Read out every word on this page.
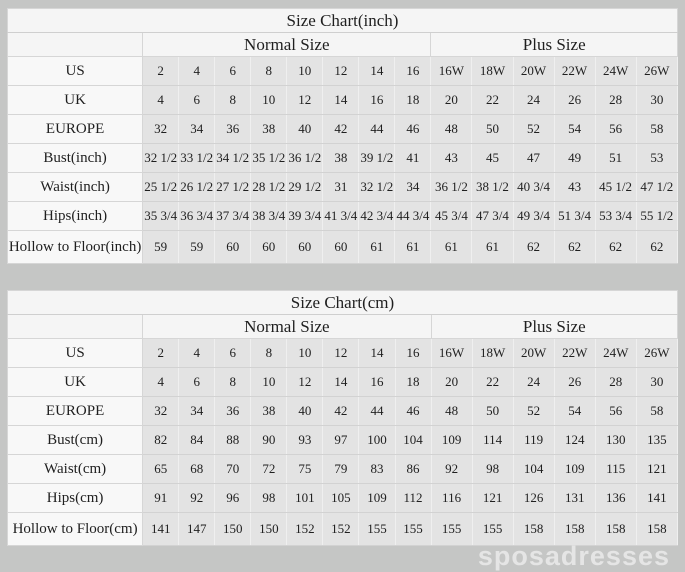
Size Chart(inch)														
	Normal Size								Plus Size					
US	2	4	6	8	10	12	14	16	16W	18W	20W	22W	24W	26W
UK	4	6	8	10	12	14	16	18	20	22	24	26	28	30
EUROPE	32	34	36	38	40	42	44	46	48	50	52	54	56	58
Bust(inch)	32 1/2	33 1/2	34 1/2	35 1/2	36 1/2	38	39 1/2	41	43	45	47	49	51	53
Waist(inch)	25 1/2	26 1/2	27 1/2	28 1/2	29 1/2	31	32 1/2	34	36 1/2	38 1/2	40 3/4	43	45 1/2	47 1/2
Hips(inch)	35 3/4	36 3/4	37 3/4	38 3/4	39 3/4	41 3/4	42 3/4	44 3/4	45 3/4	47 3/4	49 3/4	51 3/4	53 3/4	55 1/2
Hollow to Floor(inch)	59	59	60	60	60	60	61	61	61	61	62	62	62	62
Size Chart(cm)														
	Normal Size								Plus Size					
US	2	4	6	8	10	12	14	16	16W	18W	20W	22W	24W	26W
UK	4	6	8	10	12	14	16	18	20	22	24	26	28	30
EUROPE	32	34	36	38	40	42	44	46	48	50	52	54	56	58
Bust(cm)	82	84	88	90	93	97	100	104	109	114	119	124	130	135
Waist(cm)	65	68	70	72	75	79	83	86	92	98	104	109	115	121
Hips(cm)	91	92	96	98	101	105	109	112	116	121	126	131	136	141
Hollow to Floor(cm)	141	147	150	150	152	152	155	155	155	155	158	158	158	158
sposadresses
